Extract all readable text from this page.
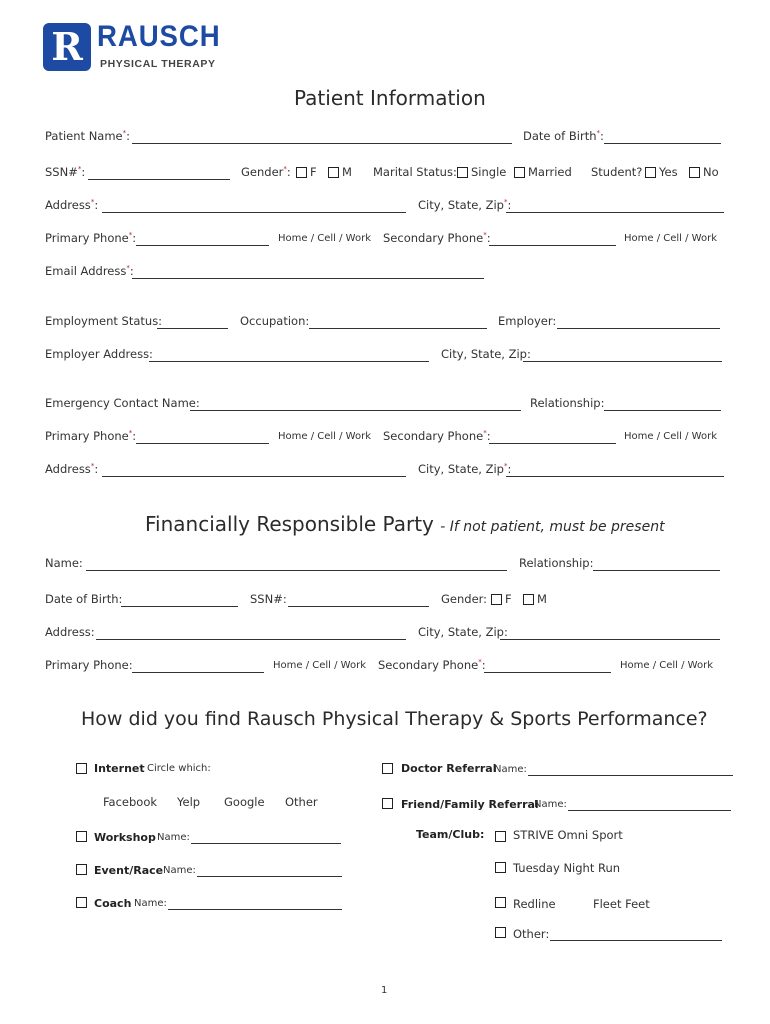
R RAUSCH
PHYSICAL THERAPY
Patient Information
Patient Name*:	Date of Birth*:
SSN#*:	Gender*: F M Marital Status: Single Married Student? Yes No
Address*:	City, State, Zip*:
Primary Phone*:	Home / Cell / Work Secondary Phone*:	Home / Cell / Work
Email Address*:
Employment Status:	Occupation:	Employer:
Employer Address:	City, State, Zip:
Emergency Contact Name:	Relationship:
Primary Phone*:	Home / Cell / Work Secondary Phone*:	Home / Cell / Work
Address*:	City, State, Zip*:
Financially Responsible Party - If not patient, must be present
Name:	Relationship:
Date of Birth:	SSN#:	Gender: F M
Address:	City, State, Zip:
Primary Phone:	Home / Cell / Work Secondary Phone*:	Home / Cell / Work
How did you find Rausch Physical Therapy & Sports Performance?
Internet Circle which:
Facebook Yelp Google Other
Workshop Name:
Event/Race Name:
Coach Name:
Doctor Referral
Name:
Friend/Family Referral
Name:
Team/Club: STRIVE Omni Sport
Tuesday Night Run
Redline	Fleet Feet
Other:
1
